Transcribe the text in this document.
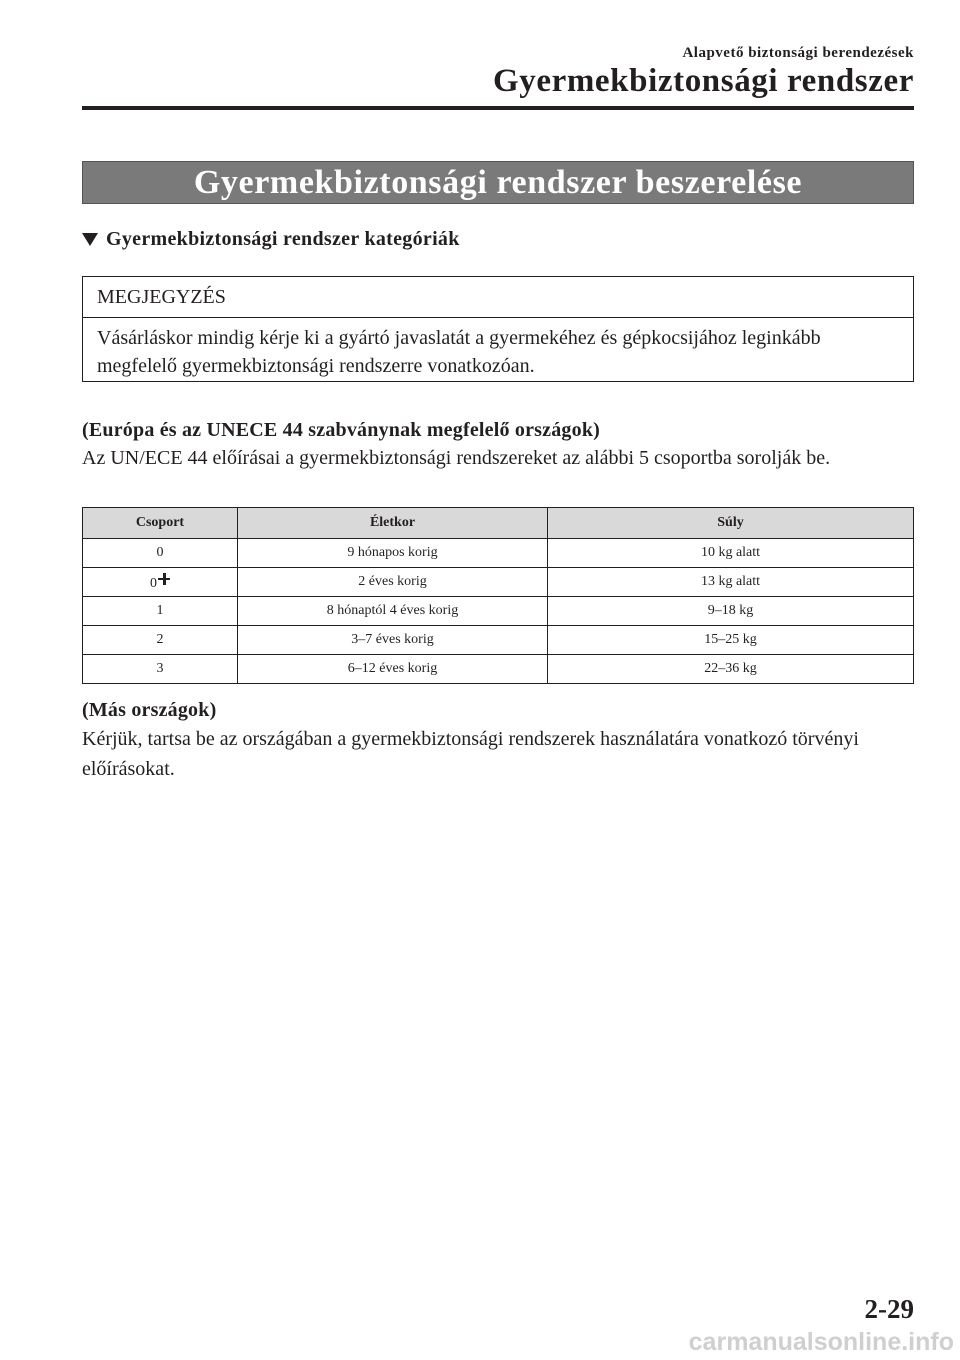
Alapvető biztonsági berendezések
Gyermekbiztonsági rendszer
Gyermekbiztonsági rendszer beszerelése
Gyermekbiztonsági rendszer kategóriák
MEGJEGYZÉS
Vásárláskor mindig kérje ki a gyártó javaslatát a gyermekéhez és gépkocsijához leginkább megfelelő gyermekbiztonsági rendszerre vonatkozóan.
(Európa és az UNECE 44 szabványnak megfelelő országok)
Az UN/ECE 44 előírásai a gyermekbiztonsági rendszereket az alábbi 5 csoportba sorolják be.
Csoport	Életkor	Súly
0	9 hónapos korig	10 kg alatt
0	2 éves korig	13 kg alatt
1	8 hónaptól 4 éves korig	9–18 kg
2	3–7 éves korig	15–25 kg
3	6–12 éves korig	22–36 kg
(Más országok)
Kérjük, tartsa be az országában a gyermekbiztonsági rendszerek használatára vonatkozó törvényi előírásokat.
2-29
carmanualsonline.info
